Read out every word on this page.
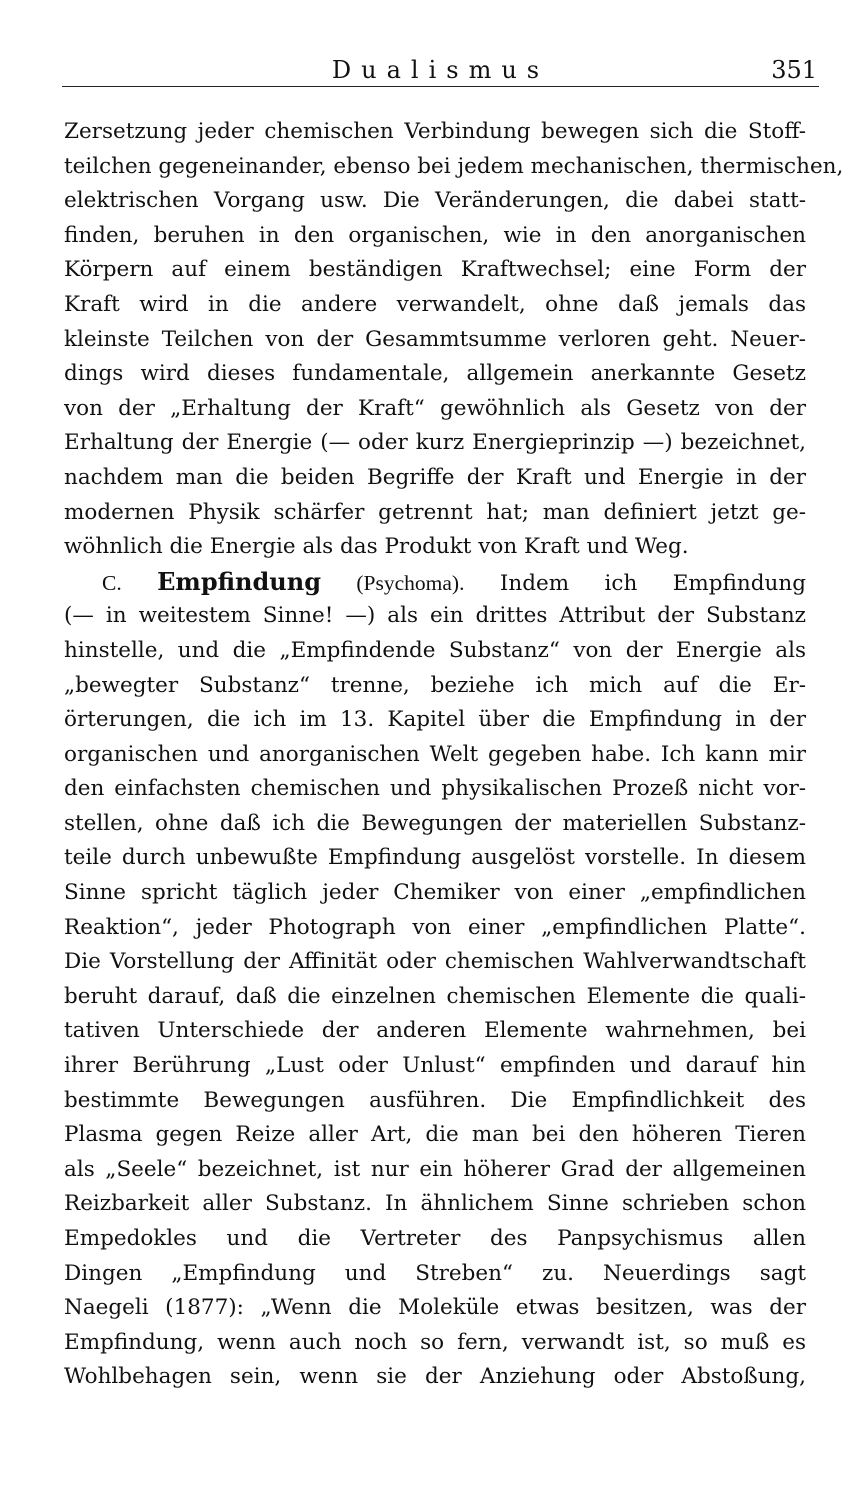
Dualismus	351
Zersetzung jeder chemischen Verbindung bewegen sich die Stoff-
teilchen gegeneinander, ebenso bei jedem mechanischen, thermischen,
elektrischen Vorgang usw. Die Veränderungen, die dabei statt-
finden, beruhen in den organischen, wie in den anorganischen
Körpern auf einem beständigen Kraftwechsel; eine Form der
Kraft wird in die andere verwandelt, ohne daß jemals das
kleinste Teilchen von der Gesammtsumme verloren geht. Neuer-
dings wird dieses fundamentale, allgemein anerkannte Gesetz
von der „Erhaltung der Kraft“ gewöhnlich als Gesetz von der
Erhaltung der Energie (— oder kurz Energieprinzip —) bezeichnet,
nachdem man die beiden Begriffe der Kraft und Energie in der
modernen Physik schärfer getrennt hat; man definiert jetzt ge-
wöhnlich die Energie als das Produkt von Kraft und Weg.
C. Empfindung (Psychoma). Indem ich Empfindung
(— in weitestem Sinne! —) als ein drittes Attribut der Substanz
hinstelle, und die „Empfindende Substanz“ von der Energie als
„bewegter Substanz“ trenne, beziehe ich mich auf die Er-
örterungen, die ich im 13. Kapitel über die Empfindung in der
organischen und anorganischen Welt gegeben habe. Ich kann mir
den einfachsten chemischen und physikalischen Prozeß nicht vor-
stellen, ohne daß ich die Bewegungen der materiellen Substanz-
teile durch unbewußte Empfindung ausgelöst vorstelle. In diesem
Sinne spricht täglich jeder Chemiker von einer „empfindlichen
Reaktion“, jeder Photograph von einer „empfindlichen Platte“.
Die Vorstellung der Affinität oder chemischen Wahlverwandtschaft
beruht darauf, daß die einzelnen chemischen Elemente die quali-
tativen Unterschiede der anderen Elemente wahrnehmen, bei
ihrer Berührung „Lust oder Unlust“ empfinden und darauf hin
bestimmte Bewegungen ausführen. Die Empfindlichkeit des
Plasma gegen Reize aller Art, die man bei den höheren Tieren
als „Seele“ bezeichnet, ist nur ein höherer Grad der allgemeinen
Reizbarkeit aller Substanz. In ähnlichem Sinne schrieben schon
Empedokles und die Vertreter des Panpsychismus allen
Dingen „Empfindung und Streben“ zu. Neuerdings sagt
Naegeli (1877): „Wenn die Moleküle etwas besitzen, was der
Empfindung, wenn auch noch so fern, verwandt ist, so muß es
Wohlbehagen sein, wenn sie der Anziehung oder Abstoßung,
